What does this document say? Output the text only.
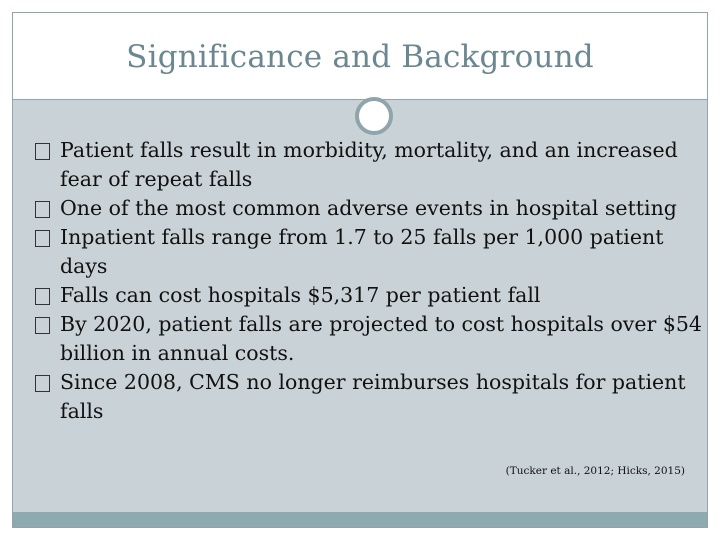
Significance and Background
Patient falls result in morbidity, mortality, and an increased fear of repeat falls
One of the most common adverse events in hospital setting
Inpatient falls range from 1.7 to 25 falls per 1,000 patient days
Falls can cost hospitals $5,317 per patient fall
By 2020, patient falls are projected to cost hospitals over $54 billion in annual costs.
Since 2008, CMS no longer reimburses hospitals for patient falls
(Tucker et al., 2012; Hicks, 2015)
